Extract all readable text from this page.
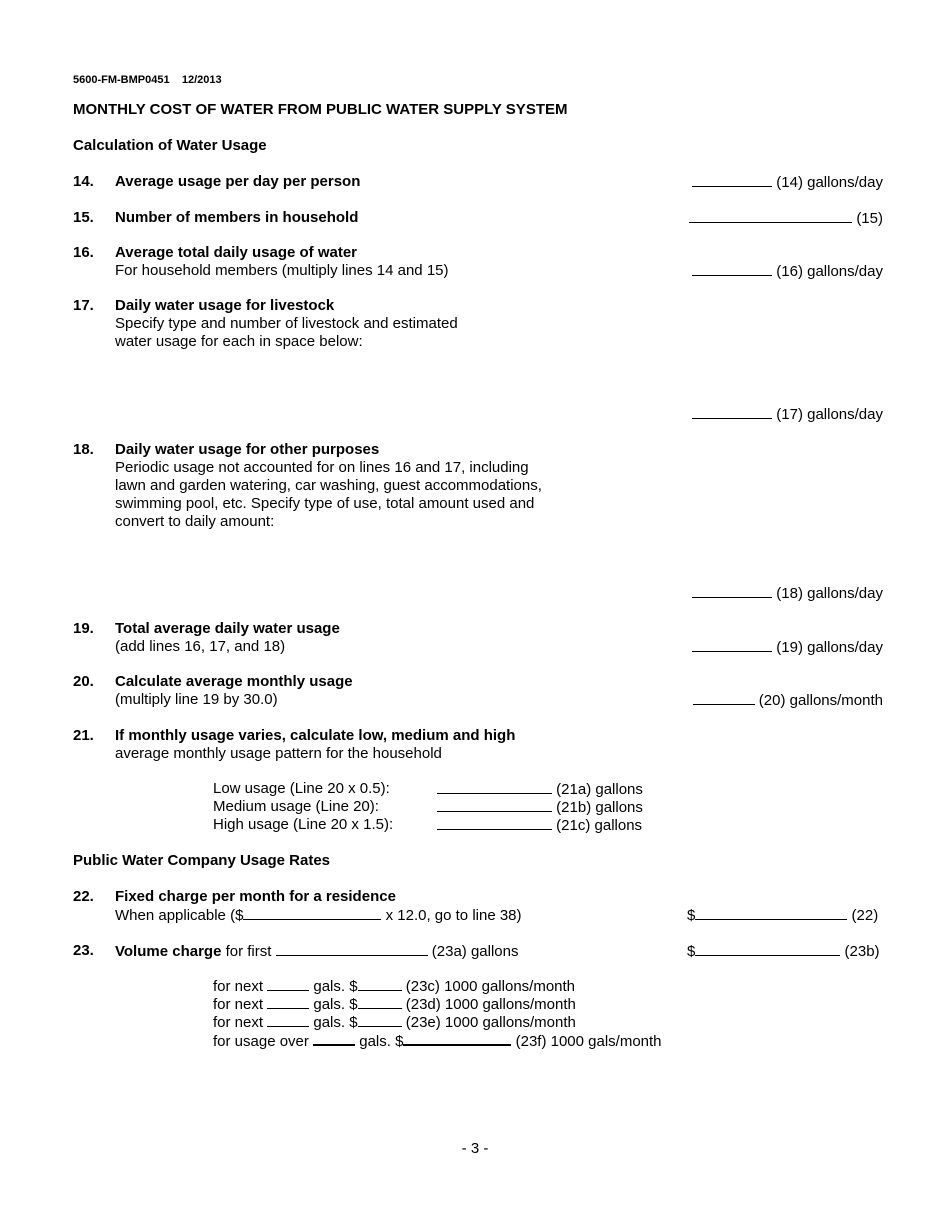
5600-FM-BMP0451 12/2013
MONTHLY COST OF WATER FROM PUBLIC WATER SUPPLY SYSTEM
Calculation of Water Usage
14. Average usage per day per person	(14) gallons/day
15. Number of members in household	(15)
16. Average total daily usage of water
For household members (multiply lines 14 and 15)	(16) gallons/day
17. Daily water usage for livestock
Specify type and number of livestock and estimated
water usage for each in space below:
(17) gallons/day
18. Daily water usage for other purposes
Periodic usage not accounted for on lines 16 and 17, including
lawn and garden watering, car washing, guest accommodations,
swimming pool, etc. Specify type of use, total amount used and
convert to daily amount:
(18) gallons/day
19. Total average daily water usage
(add lines 16, 17, and 18)	(19) gallons/day
20. Calculate average monthly usage
(multiply line 19 by 30.0)	(20) gallons/month
21. If monthly usage varies, calculate low, medium and high
average monthly usage pattern for the household
Low usage (Line 20 x 0.5):	(21a) gallons
Medium usage (Line 20):	(21b) gallons
High usage (Line 20 x 1.5):	(21c) gallons
Public Water Company Usage Rates
22. Fixed charge per month for a residence
When applicable ($	x 12.0, go to line 38)	$	(22)
23. Volume charge for first	(23a) gallons	$	(23b)
for next	gals. $	(23c) 1000 gallons/month
for next	gals. $	(23d) 1000 gallons/month
for next	gals. $	(23e) 1000 gallons/month
for usage over	gals. $	(23f) 1000 gals/month
- 3 -
